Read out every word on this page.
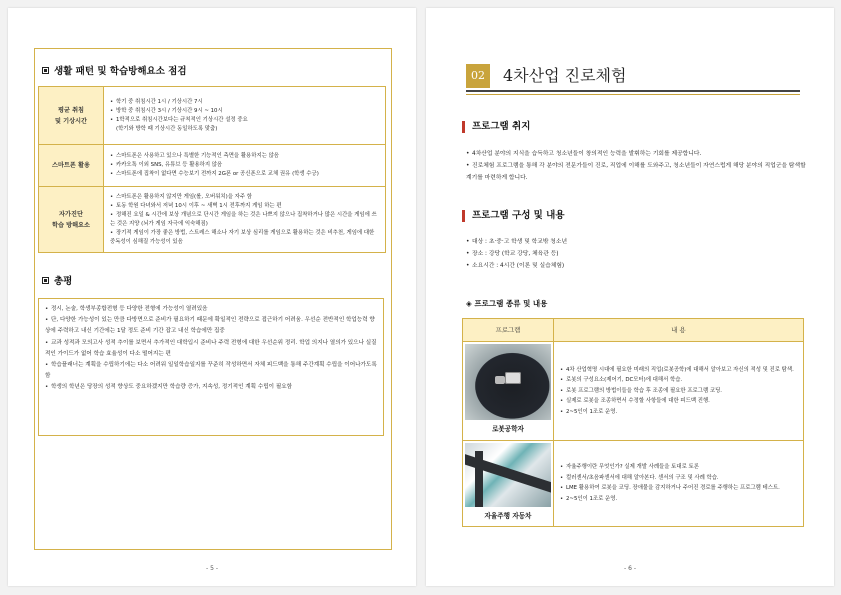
생활 패턴 및 학습방해요소 점검
평균 취침
및 기상시간	• 학기 중 취침시간 1시 / 기상시간 7시
• 방학 중 취침시간 3시 / 기상시간 9시 ~ 10시
• 1학적으로 취침시간보다는 규칙적인 기상시간 설정 중요
(학기와 방학 때 기상시간 동일하도록 맞춤)

스마트폰 활용	• 스마트폰은 사용하고 있으나 특별한 기능적인 측면을 활용하지는 않음
• 카카오톡 이외 SNS, 유튜브 등 활용하지 않음
• 스마트폰에 집착이 없다면 수능보기 전까지 2G폰 or 공신폰으로 교체 권유 (학생 수긍)

자가진단
학습 방해요소	• 스마트폰은 활용하지 않지만 게임(롤, 오버워치)을 자주 함
• 토동 학원 다녀와서 저녁 10시 이후 ~ 새벽 1시 전후까지 게임 하는 편
• 정해진 요일 & 시간에 보상 개념으로 단시간 게임을 하는 것은 나쁘지 않으나 집착하거나 많은 시간을 게임에 쓰는 것은 지양 (뇌가 게임 자극에 익숙해짐)
• 장기적 게임이 가장 좋은 방법, 스트레스 해소나 자기 보상 심리를 게임으로 활용하는 것은 비추천, 게임에 대한 중독성이 심해질 가능성이 있음
총평
• 정시, 논술, 학생부종합전형 등 다양한 전형에 가능성이 열려있음
• 단, 다양한 가능성이 있는 만큼 다방면으로 준비가 필요하기 때문에 확일적인 전략으로 접근하기 어려움. 우선순 전반적인 학업능력 향상에 주력하고 내신 기간에는 1달 정도 준비 기간 잡고 내신 학습에만 집중
• 교과 성적과 모의고사 성적 추이를 보면서 추가적인 대학입시 준비나 주력 전형에 대한 우선순위 정리. 학업 의지나 열의가 있으나 실질적인 가이드가 없어 학습 효율성이 다소 떨어지는 편
• 학습플래너는 계획을 수립하기에는 다소 어려워 일일학습일지를 꾸준히 작성하면서 자체 피드백을 통해 주간계획 수립을 이어나가도록 함
• 학생의 학년은 당장의 성적 향상도 중요하겠지만 학습량 증가, 지속성, 정기적인 계획 수립이 필요함
- 5 -
02	4차산업 진로체험
프로그램 취지
• 4차산업 분야의 지식을 습득하고 청소년들이 창의적인 능력을 발휘하는 기회를 제공합니다.
• 진로체험 프로그램을 통해 각 분야의 전문가들이 진로, 직업에 이해를 도와주고, 청소년들이 자연스럽게 해당 분야의 직업군을 탐색할 계기를 마련하게 합니다.
프로그램 구성 및 내용
• 대상 : 초·중·고 학생 및 학교밖 청소년
• 장소 : 강당 (학교 강당, 체육관 등)
• 소요시간 : 4시간 (이론 및 실습체험)
◈ 프로그램 종류 및 내용
프로그램	내 용

로봇공학자	• 4차 산업혁명 시대에 필요한 미래의 직업(로봇공학)에 대해서 알아보고 자신의 적성 및 진로 탐색.
• 로봇의 구성요소(제어기, DC모터)에 대해서 학습.
• 로봇 프로그램의 방법이들을 학습 후 조종에 필요한 프로그램 코딩.
• 실제로 로봇을 조종하면서 수정할 사항들에 대한 피드백 진행.
• 2~5인이 1조로 운영.

자율주행 자동차	• 자율주행이란 무엇인가? 실제 개발 사례들을 토대로 토론
• 컬러센서/초음파센서에 대해 알아본다. 센서의 구조 및 사례 학습.
• LME 활용하여 로봇을 코딩. 장애물을 감지하거나 주어진 경로를 주행하는 프로그램 테스트.
• 2~5인이 1조로 운영.
- 6 -
